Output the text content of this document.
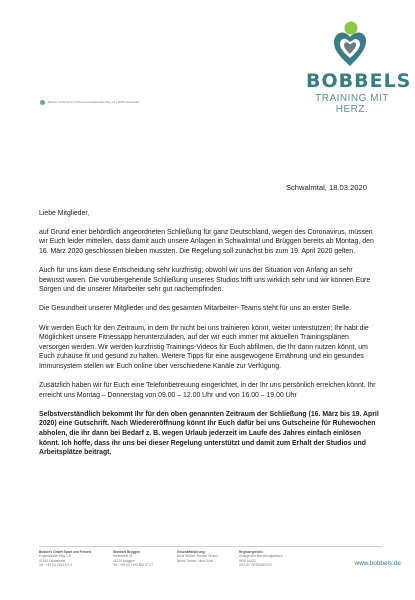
BOBBELS
TRAINING MIT HERZ.
Bobbel's GmbH Sport und Freizeit | Engelsstraße Weg 1-5 | 41366 Schwalmtal
Schwalmtal, 18.03.2020

Liebe Mitglieder,

auf Grund einer behördlich angeordneten Schließung für ganz Deutschland, wegen des Coronavirus, müssen wir Euch leider mitteilen, dass damit auch unsere Anlagen in Schwalmtal und Brüggen bereits ab Montag, den 16. März 2020 geschlossen bleiben mussten. Die Regelung soll zunächst bis zum 19. April 2020 gelten.

Auch für uns kam diese Entscheidung sehr kurzfristig, obwohl wir uns der Situation von Anfang an sehr bewusst waren. Die vorübergehende Schließung unseres Studios trifft uns wirklich sehr und wir können Eure Sorgen und die unserer Mitarbeiter sehr gut nachempfinden.

Die Gesundheit unserer Mitglieder und des gesamten Mitarbeiter- Teams steht für uns an erster Stelle.

Wir werden Euch für den Zeitraum, in dem Ihr nicht bei uns trainieren könnt, weiter unterstützen: Ihr habt die Möglichkeit unsere Fitnessapp herunterzuladen, auf der wir euch immer mit aktuellen Trainingsplänen versorgen werden. Wir werden kurzfristig Trainings-Videos für Euch abfilmen, die Ihr dann nutzen könnt, um Euch zuhause fit und gesund zu halten. Weitere Tipps für eine ausgewogene Ernährung und ein gesundes Immunsystem stellen wir Euch online über verschiedene Kanäle zur Verfügung.

Zusätzlich haben wir für Euch eine Telefonbetreuung eingerichtet, in der Ihr uns persönlich erreichen könnt. Ihr erreicht uns Montag – Donnerstag von 09.00 – 12.00 Uhr und von 16.00 – 19.00 Uhr

Selbstverständlich bekommt Ihr für den oben genannten Zeitraum der Schließung (16. März bis 19. April 2020) eine Gutschrift. Nach Wiedereröffnung könnt Ihr Euch dafür bei uns Gutscheine für Ruhewochen abholen, die ihr dann bei Bedarf z. B. wegen Urlaub jederzeit im Laufe des Jahres einfach einlösen könnt. Ich hoffe, dass ihr uns bei dieser Regelung unterstützt und damit zum Erhalt der Studios und Arbeitsplätze beitragt.

Bobbel's GmbH Sport und Freizeit
Engelsstraße Weg 1-5
41366 Schwalmtal
Tel.: +49 (0) 2163 8 9 4
Standort Brüggen
Weiherfeld 31
41379 Brüggen
Tel.: +49 (0) 2163 800 37 47
Geschäftsführung:
Boris Tacken, Helmut Tacken,
Bernd Tacken, Nina Donk
Registergericht:
Amtsgericht Mönchengladbach
HRB 10423
UST-ID: DE294810734	www.bobbels.de
